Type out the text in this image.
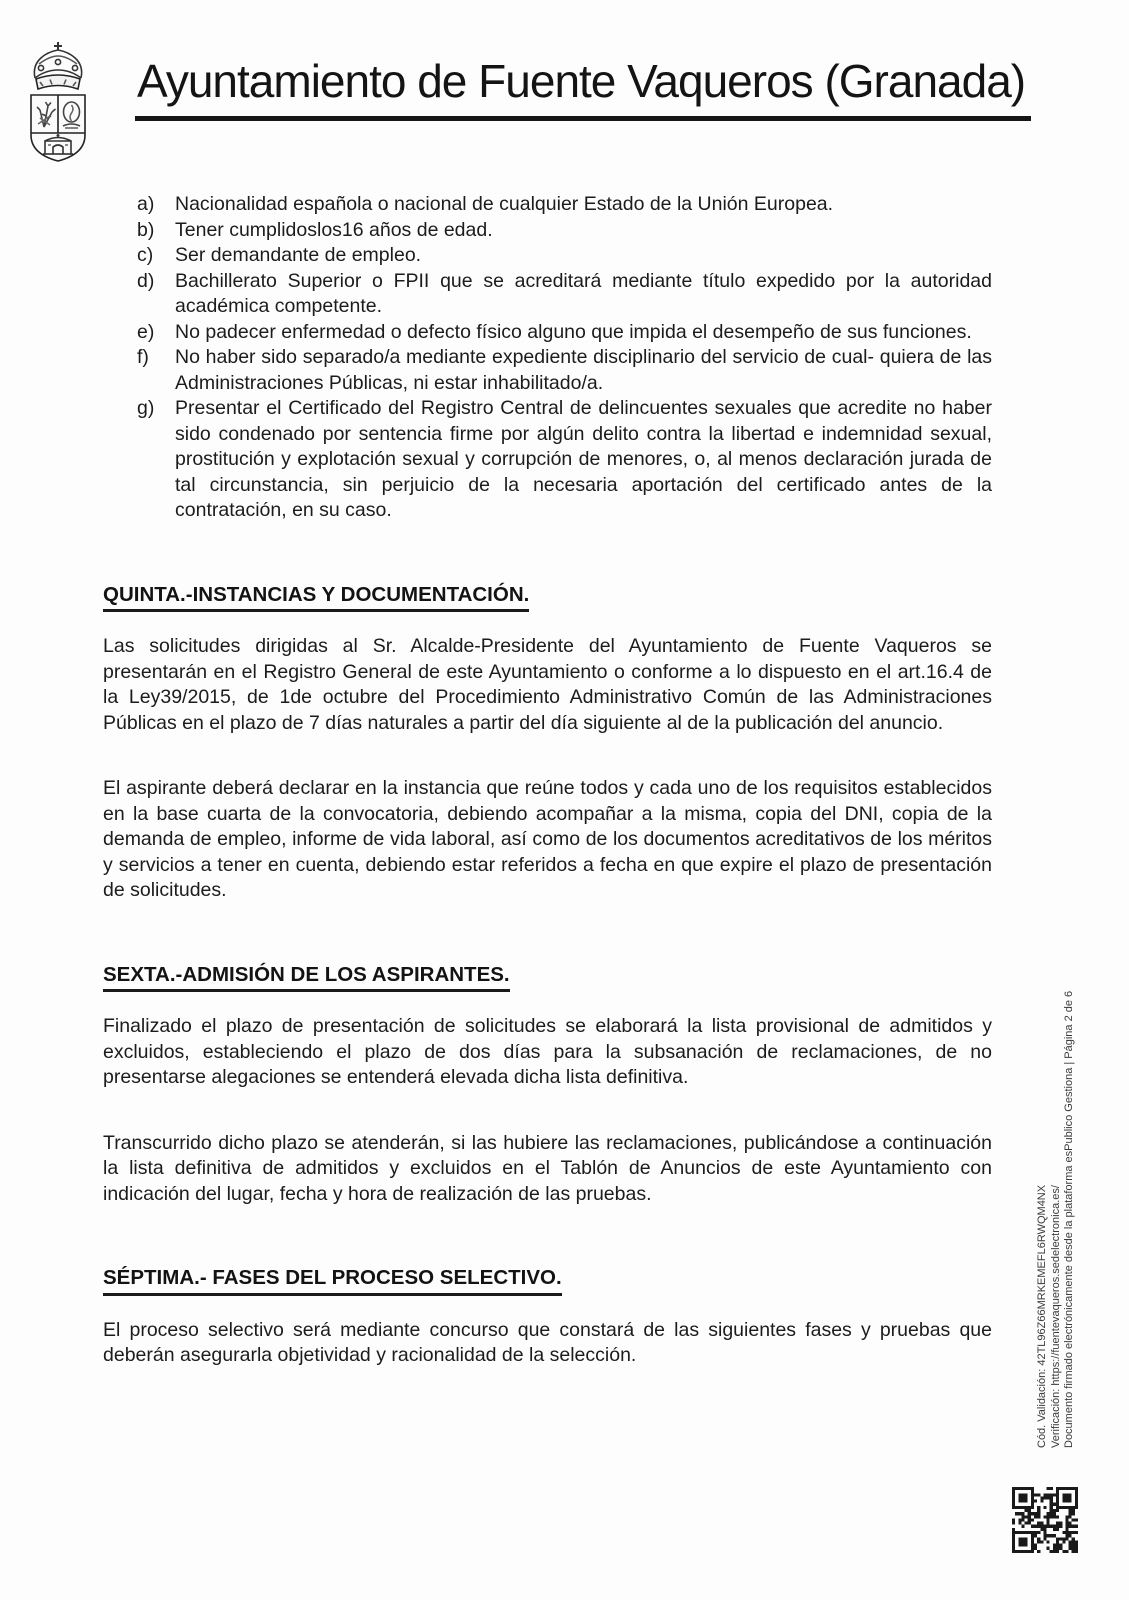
Ayuntamiento de Fuente Vaqueros (Granada)
a)	Nacionalidad española o nacional de cualquier Estado de la Unión Europea.
b)	Tener cumplidoslos16 años de edad.
c)	Ser demandante de empleo.
d)	Bachillerato Superior o FPII que se acreditará mediante título expedido por la autoridad académica competente.
e)	No padecer enfermedad o defecto físico alguno que impida el desempeño de sus funciones.
f)	No haber sido separado/a mediante expediente disciplinario del servicio de cual- quiera de las Administraciones Públicas, ni estar inhabilitado/a.
g)	Presentar el Certificado del Registro Central de delincuentes sexuales que acredite no haber sido condenado por sentencia firme por algún delito contra la libertad e indemnidad sexual, prostitución y explotación sexual y corrupción de menores, o, al menos declaración jurada de tal circunstancia, sin perjuicio de la necesaria aportación del certificado antes de la contratación, en su caso.
QUINTA.-INSTANCIAS Y DOCUMENTACIÓN.

Las solicitudes dirigidas al Sr. Alcalde-Presidente del Ayuntamiento de Fuente Vaqueros se presentarán en el Registro General de este Ayuntamiento o conforme a lo dispuesto en el art.16.4 de la Ley39/2015, de 1de octubre del Procedimiento Administrativo Común de las Administraciones Públicas en el plazo de 7 días naturales a partir del día siguiente al de la publicación del anuncio.

El aspirante deberá declarar en la instancia que reúne todos y cada uno de los requisitos establecidos en la base cuarta de la convocatoria, debiendo acompañar a la misma, copia del DNI, copia de la demanda de empleo, informe de vida laboral, así como de los documentos acreditativos de los méritos y servicios a tener en cuenta, debiendo estar referidos a fecha en que expire el plazo de presentación de solicitudes.

SEXTA.-ADMISIÓN DE LOS ASPIRANTES.

Finalizado el plazo de presentación de solicitudes se elaborará la lista provisional de admitidos y excluidos, estableciendo el plazo de dos días para la subsanación de reclamaciones, de no presentarse alegaciones se entenderá elevada dicha lista definitiva.

Transcurrido dicho plazo se atenderán, si las hubiere las reclamaciones, publicándose a continuación la lista definitiva de admitidos y excluidos en el Tablón de Anuncios de este Ayuntamiento con indicación del lugar, fecha y hora de realización de las pruebas.

SÉPTIMA.- FASES DEL PROCESO SELECTIVO.

El proceso selectivo será mediante concurso que constará de las siguientes fases y pruebas que deberán asegurarla objetividad y racionalidad de la selección.	Cód. Validación: 42TL96Z66MRKEMEFL6RWQM4NX Verificación: https://fuentevaqueros.sedelectronica.es/ Documento firmado electrónicamente desde la plataforma esPublico Gestiona | Página 2 de 6
